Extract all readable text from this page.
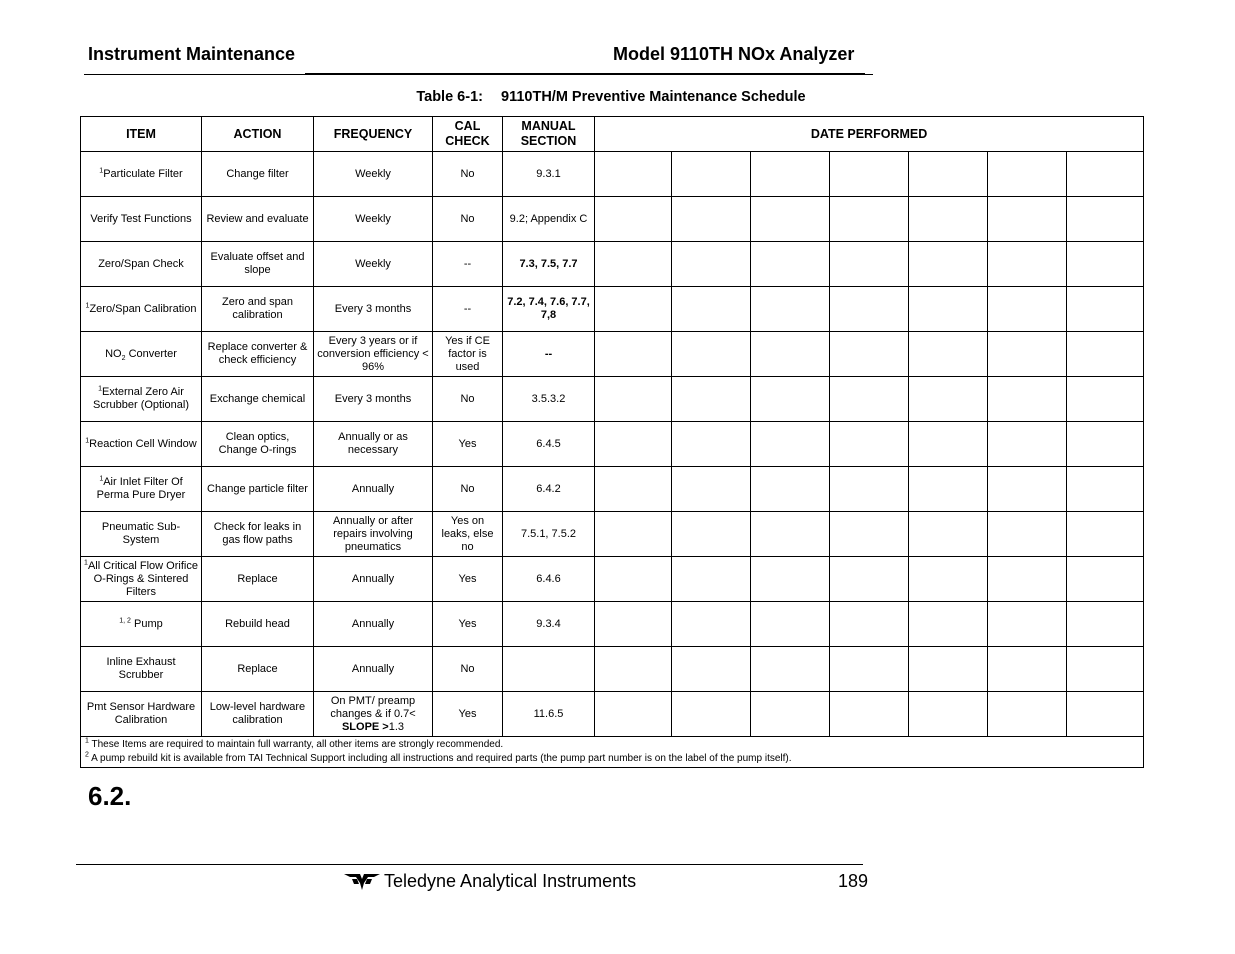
Instrument Maintenance	Model 9110TH NOx Analyzer
Table 6-1: 9110TH/M Preventive Maintenance Schedule
ITEM	ACTION	FREQUENCY	CAL CHECK	MANUAL SECTION	DATE PERFORMED						
$^1$Particulate Filter	Change filter	Weekly	No	9.3.1							
Verify Test Functions	Review and evaluate	Weekly	No	9.2; Appendix C							
Zero/Span Check	Evaluate offset and slope	Weekly	--	7.3, 7.5, 7.7							
$^1$Zero/Span Calibration	Zero and span calibration	Every 3 months	--	7.2, 7.4, 7.6, 7.7, 7,8							
$NO_2$ Converter	Replace converter & check efficiency	Every 3 years or if conversion efficiency < 96%	Yes if CE factor is used	--							
$^1$External Zero Air Scrubber (Optional)	Exchange chemical	Every 3 months	No	3.5.3.2							
$^1$Reaction Cell Window	Clean optics, Change O-rings	Annually or as necessary	Yes	6.4.5							
$^1$Air Inlet Filter Of Perma Pure Dryer	Change particle filter	Annually	No	6.4.2							
Pneumatic Sub-System	Check for leaks in gas flow paths	Annually or after repairs involving pneumatics	Yes on leaks, else no	7.5.1, 7.5.2							
$^1$All Critical Flow Orifice O-Rings & Sintered Filters	Replace	Annually	Yes	6.4.6							
$^{1, 2}$ Pump	Rebuild head	Annually	Yes	9.3.4							
Inline Exhaust Scrubber	Replace	Annually	No								
Pmt Sensor Hardware Calibration	Low-level hardware calibration	On PMT/ preamp changes & if 0.7< SLOPE >1.3	Yes	11.6.5							

$^1$ These Items are required to maintain full warranty, all other items are strongly recommended.
$^2$ A pump rebuild kit is available from TAI Technical Support including all instructions and required parts (the pump part number is on the label of the pump itself).											
6.2.
Teledyne Analytical Instruments	189
